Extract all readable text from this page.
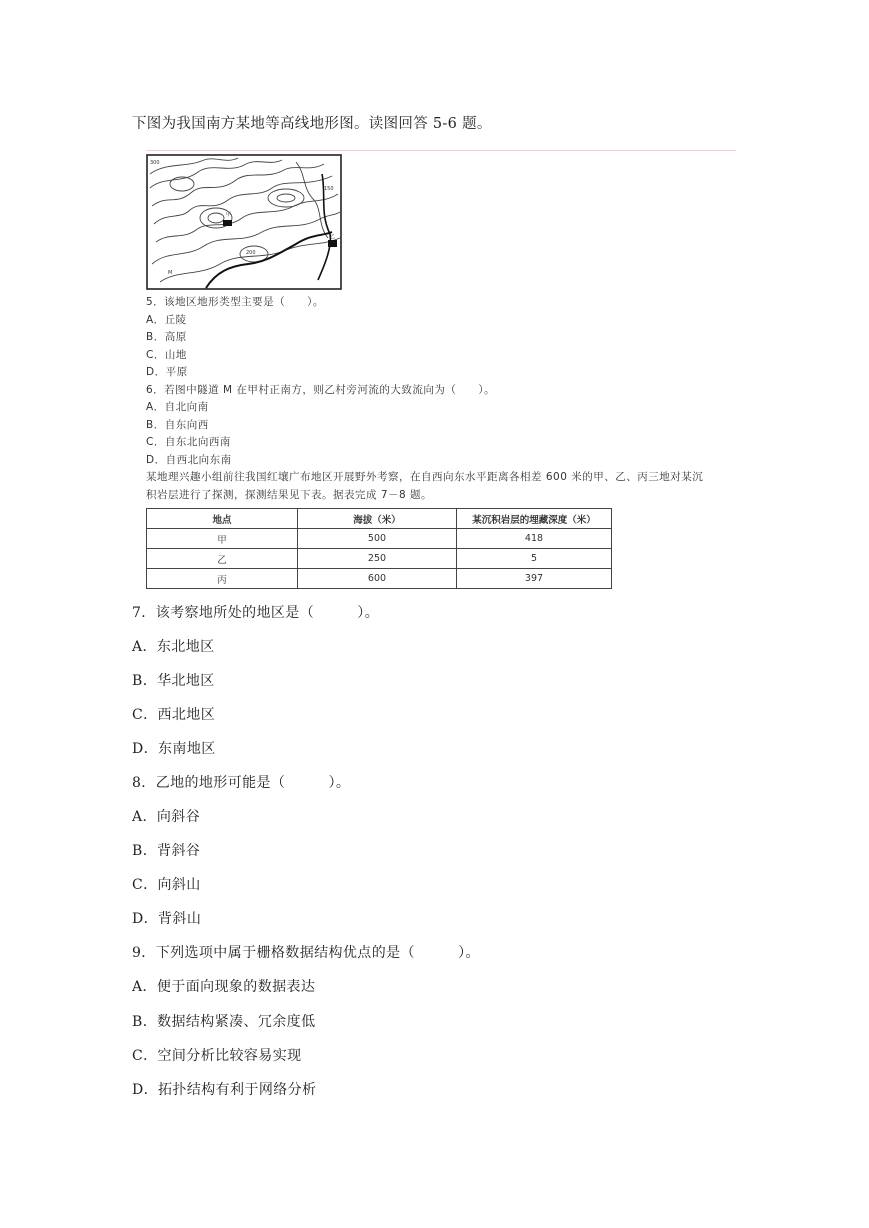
下图为我国南方某地等高线地形图。读图回答 5-6 题。
300
150
M
甲
乙
200
5．该地区地形类型主要是（　　）。
A．丘陵
B．高原
C．山地
D．平原
6．若图中隧道 M 在甲村正南方，则乙村旁河流的大致流向为（　　）。
A．自北向南
B．自东向西
C．自东北向西南
D．自西北向东南
某地理兴趣小组前往我国红壤广布地区开展野外考察，在自西向东水平距离各相差 600 米的甲、乙、丙三地对某沉
积岩层进行了探测，探测结果见下表。据表完成 7－8 题。
地点	海拔（米）	某沉积岩层的埋藏深度（米）
甲	500	418
乙	250	5
丙	600	397
7．该考察地所处的地区是（　　　）。
A．东北地区
B．华北地区
C．西北地区
D．东南地区
8．乙地的地形可能是（　　　）。
A．向斜谷
B．背斜谷
C．向斜山
D．背斜山
9．下列选项中属于栅格数据结构优点的是（　　　）。
A．便于面向现象的数据表达
B．数据结构紧凑、冗余度低
C．空间分析比较容易实现
D．拓扑结构有利于网络分析
